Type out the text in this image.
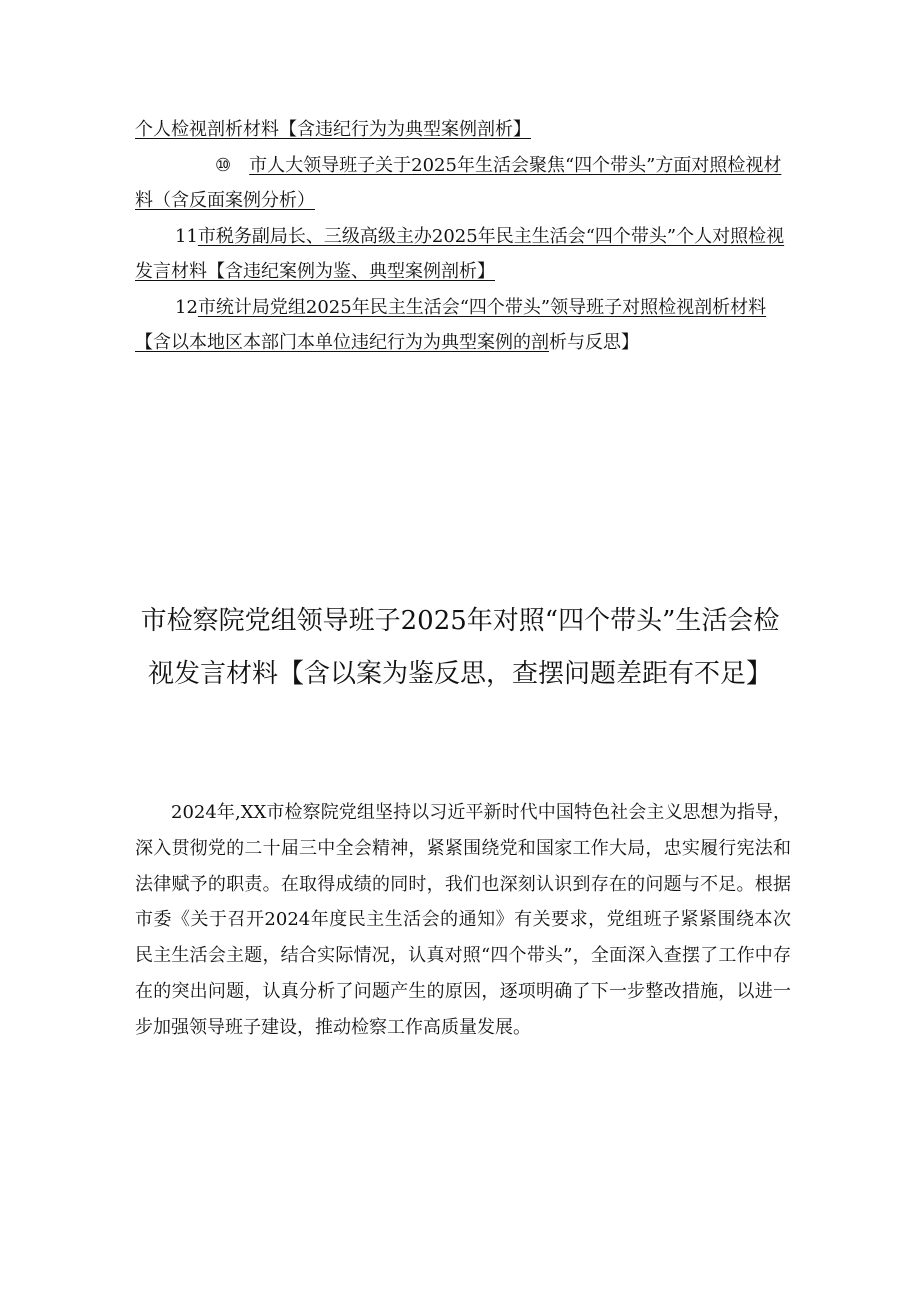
个人检视剖析材料【含违纪行为为典型案例剖析】

⑩ 市人大领导班子关于2025年生活会聚焦“四个带头”方面对照检视材料（含反面案例分析）

11市税务副局长、三级高级主办2025年民主生活会“四个带头”个人对照检视发言材料【含违纪案例为鉴、典型案例剖析】

12市统计局党组2025年民主生活会“四个带头”领导班子对照检视剖析材料【含以本地区本部门本单位违纪行为为典型案例的剖析与反思】

市检察院党组领导班子2025年对照“四个带头”生活会检视发言材料【含以案为鉴反思，查摆问题差距有不足】

2024年,XX市检察院党组坚持以习近平新时代中国特色社会主义思想为指导，深入贯彻党的二十届三中全会精神，紧紧围绕党和国家工作大局，忠实履行宪法和法律赋予的职责。在取得成绩的同时，我们也深刻认识到存在的问题与不足。根据市委《关于召开2024年度民主生活会的通知》有关要求，党组班子紧紧围绕本次民主生活会主题，结合实际情况，认真对照“四个带头”，全面深入查摆了工作中存在的突出问题，认真分析了问题产生的原因，逐项明确了下一步整改措施，以进一步加强领导班子建设，推动检察工作高质量发展。
